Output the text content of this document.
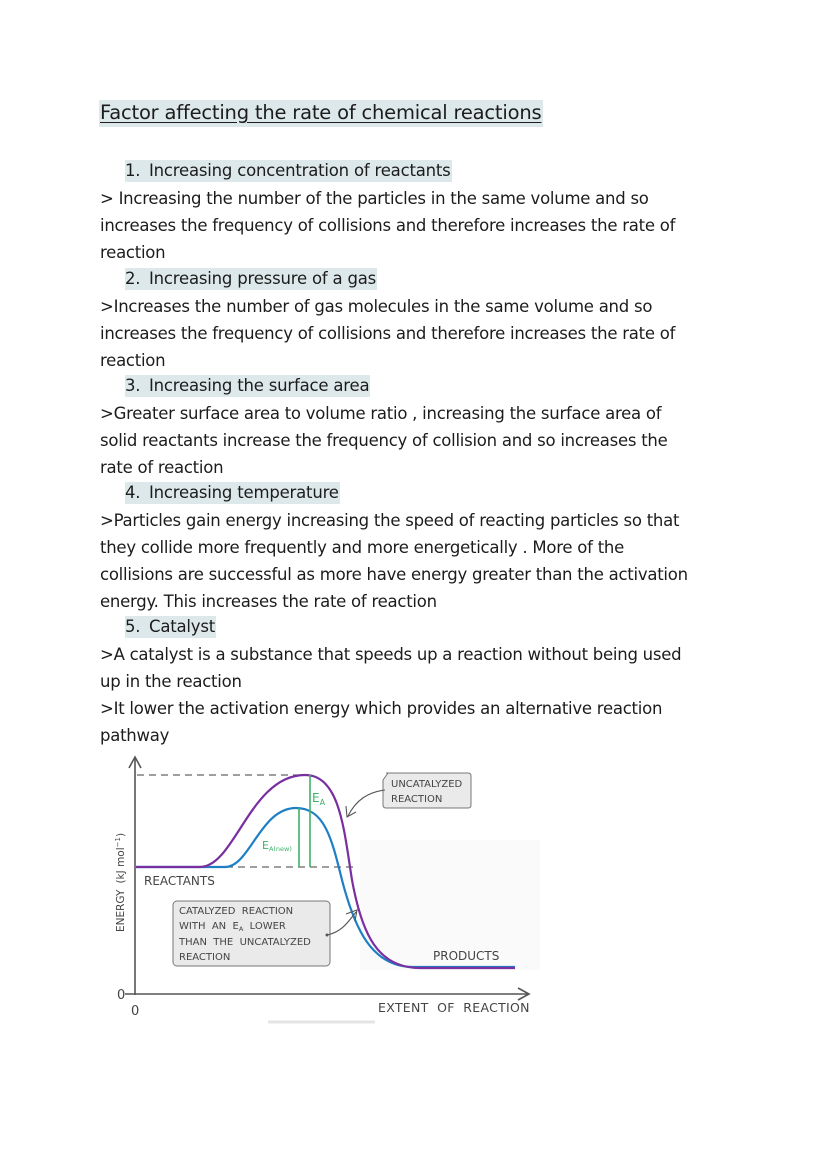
Factor affecting the rate of chemical reactions
1. Increasing concentration of reactants
> Increasing the number of the particles in the same volume and so
increases the frequency of collisions and therefore increases the rate of
reaction
2. Increasing pressure of a gas
>Increases the number of gas molecules in the same volume and so
increases the frequency of collisions and therefore increases the rate of
reaction
3. Increasing the surface area
>Greater surface area to volume ratio , increasing the surface area of
solid reactants increase the frequency of collision and so increases the
rate of reaction
4. Increasing temperature
>Particles gain energy increasing the speed of reacting particles so that
they collide more frequently and more energetically . More of the
collisions are successful as more have energy greater than the activation
energy. This increases the rate of reaction
5. Catalyst
>A catalyst is a substance that speeds up a reaction without being used
up in the reaction
>It lower the activation energy which provides an alternative reaction
pathway
$E_A$
EA(new)
ENERGY(kJ mol$^{-1}$)
0
0	EXTENT  OF  REACTION
REACTANTS
PRODUCTS
UNCATALYZED
REACTION
CATALYZED  REACTION
WITH  AN  $E_A$  LOWER
THAN  THE  UNCATALYZED
REACTION
